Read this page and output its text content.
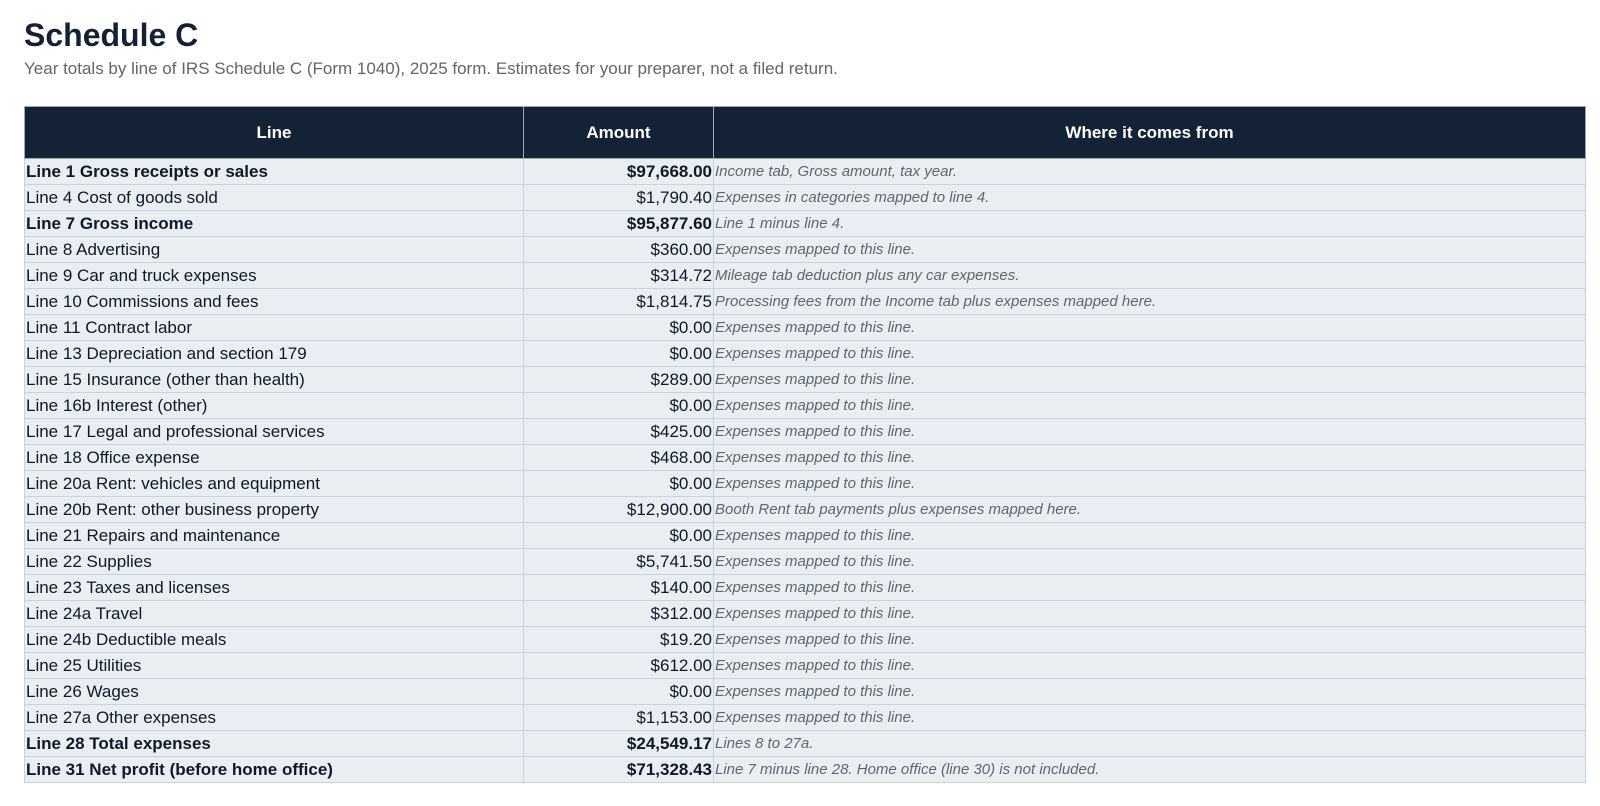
Schedule C
Year totals by line of IRS Schedule C (Form 1040), 2025 form. Estimates for your preparer, not a filed return.
Line	Amount	Where it comes from
Line 1 Gross receipts or sales	$97,668.00	Income tab, Gross amount, tax year.
Line 4 Cost of goods sold	$1,790.40	Expenses in categories mapped to line 4.
Line 7 Gross income	$95,877.60	Line 1 minus line 4.
Line 8 Advertising	$360.00	Expenses mapped to this line.
Line 9 Car and truck expenses	$314.72	Mileage tab deduction plus any car expenses.
Line 10 Commissions and fees	$1,814.75	Processing fees from the Income tab plus expenses mapped here.
Line 11 Contract labor	$0.00	Expenses mapped to this line.
Line 13 Depreciation and section 179	$0.00	Expenses mapped to this line.
Line 15 Insurance (other than health)	$289.00	Expenses mapped to this line.
Line 16b Interest (other)	$0.00	Expenses mapped to this line.
Line 17 Legal and professional services	$425.00	Expenses mapped to this line.
Line 18 Office expense	$468.00	Expenses mapped to this line.
Line 20a Rent: vehicles and equipment	$0.00	Expenses mapped to this line.
Line 20b Rent: other business property	$12,900.00	Booth Rent tab payments plus expenses mapped here.
Line 21 Repairs and maintenance	$0.00	Expenses mapped to this line.
Line 22 Supplies	$5,741.50	Expenses mapped to this line.
Line 23 Taxes and licenses	$140.00	Expenses mapped to this line.
Line 24a Travel	$312.00	Expenses mapped to this line.
Line 24b Deductible meals	$19.20	Expenses mapped to this line.
Line 25 Utilities	$612.00	Expenses mapped to this line.
Line 26 Wages	$0.00	Expenses mapped to this line.
Line 27a Other expenses	$1,153.00	Expenses mapped to this line.
Line 28 Total expenses	$24,549.17	Lines 8 to 27a.
Line 31 Net profit (before home office)	$71,328.43	Line 7 minus line 28. Home office (line 30) is not included.
